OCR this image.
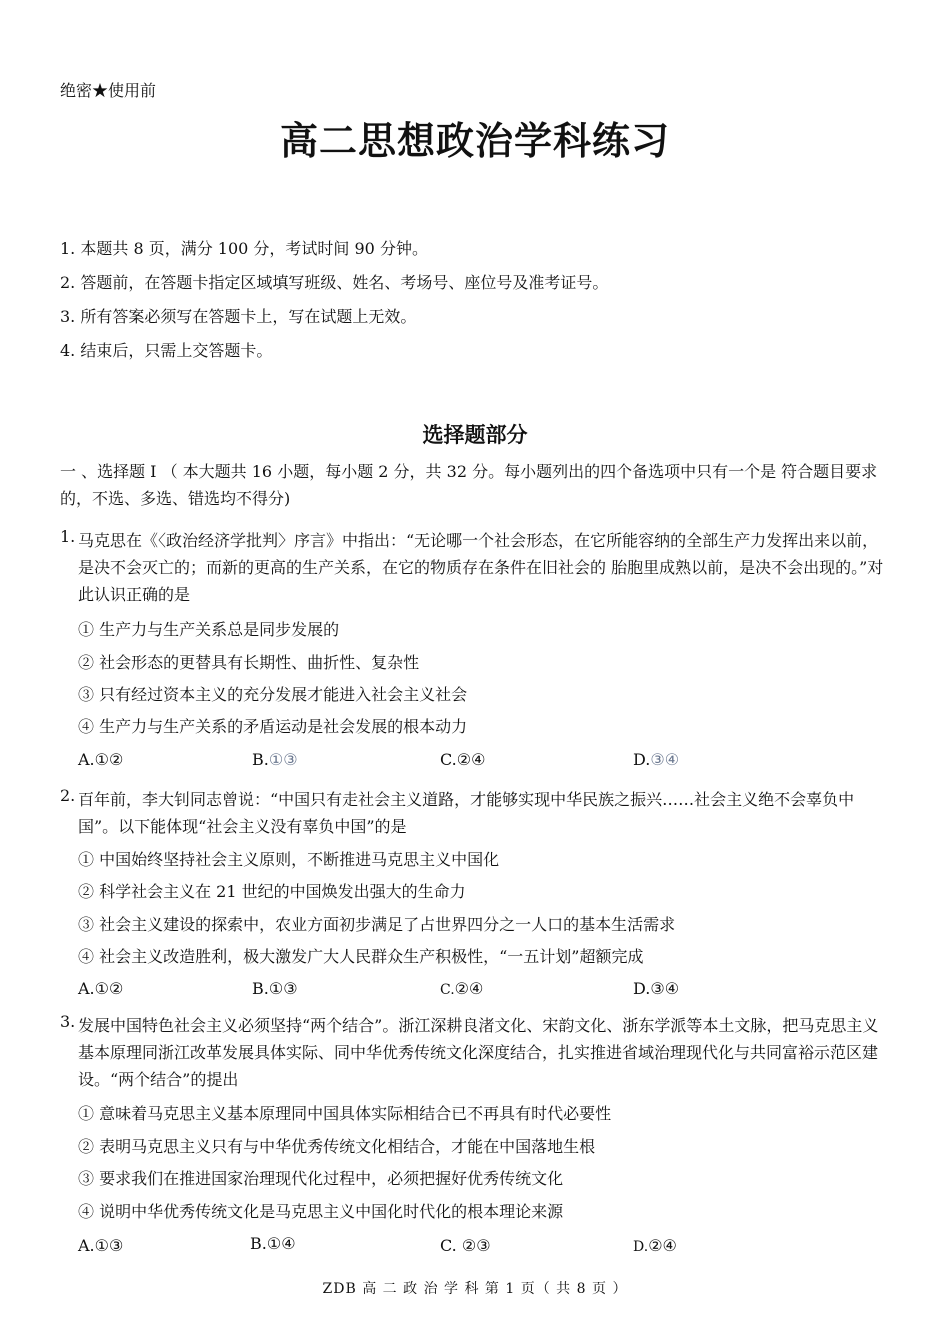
绝密★使用前
高二思想政治学科练习
1. 本题共 8 页，满分 100 分，考试时间 90 分钟。
2. 答题前，在答题卡指定区域填写班级、姓名、考场号、座位号及准考证号。
3. 所有答案必须写在答题卡上，写在试题上无效。
4. 结束后，只需上交答题卡。
选择题部分
一 、选择题 I （ 本大题共 16 小题，每小题 2 分，共 32 分。每小题列出的四个备选项中只有一个是 符合题目要求的，不选、多选、错选均不得分)
1. 马克思在《〈政治经济学批判〉序言》中指出：“无论哪一个社会形态，在它所能容纳的全部生产力发挥出来以前，是决不会灭亡的；而新的更高的生产关系，在它的物质存在条件在旧社会的 胎胞里成熟以前，是决不会出现的。”对此认识正确的是
① 生产力与生产关系总是同步发展的
② 社会形态的更替具有长期性、曲折性、复杂性
③ 只有经过资本主义的充分发展才能进入社会主义社会
④ 生产力与生产关系的矛盾运动是社会发展的根本动力
A.①②	B.①③	C.②④	D.③④
2. 百年前，李大钊同志曾说：“中国只有走社会主义道路，才能够实现中华民族之振兴……社会主义绝不会辜负中国”。以下能体现“社会主义没有辜负中国”的是
① 中国始终坚持社会主义原则，不断推进马克思主义中国化
② 科学社会主义在 21 世纪的中国焕发出强大的生命力
③ 社会主义建设的探索中，农业方面初步满足了占世界四分之一人口的基本生活需求
④ 社会主义改造胜利，极大激发广大人民群众生产积极性，“一五计划”超额完成
A.①②	B.①③	C.②④	D.③④
3. 发展中国特色社会主义必须坚持“两个结合”。浙江深耕良渚文化、宋韵文化、浙东学派等本土文脉，把马克思主义基本原理同浙江改革发展具体实际、同中华优秀传统文化深度结合，扎实推进省域治理现代化与共同富裕示范区建设。“两个结合”的提出
① 意味着马克思主义基本原理同中国具体实际相结合已不再具有时代必要性
② 表明马克思主义只有与中华优秀传统文化相结合，才能在中国落地生根
③ 要求我们在推进国家治理现代化过程中，必须把握好优秀传统文化
④ 说明中华优秀传统文化是马克思主义中国化时代化的根本理论来源
A.①③	B.①④	C. ②③	D.②④
ZDB 高 二 政 治 学 科 第 1 页（ 共 8 页 ）
